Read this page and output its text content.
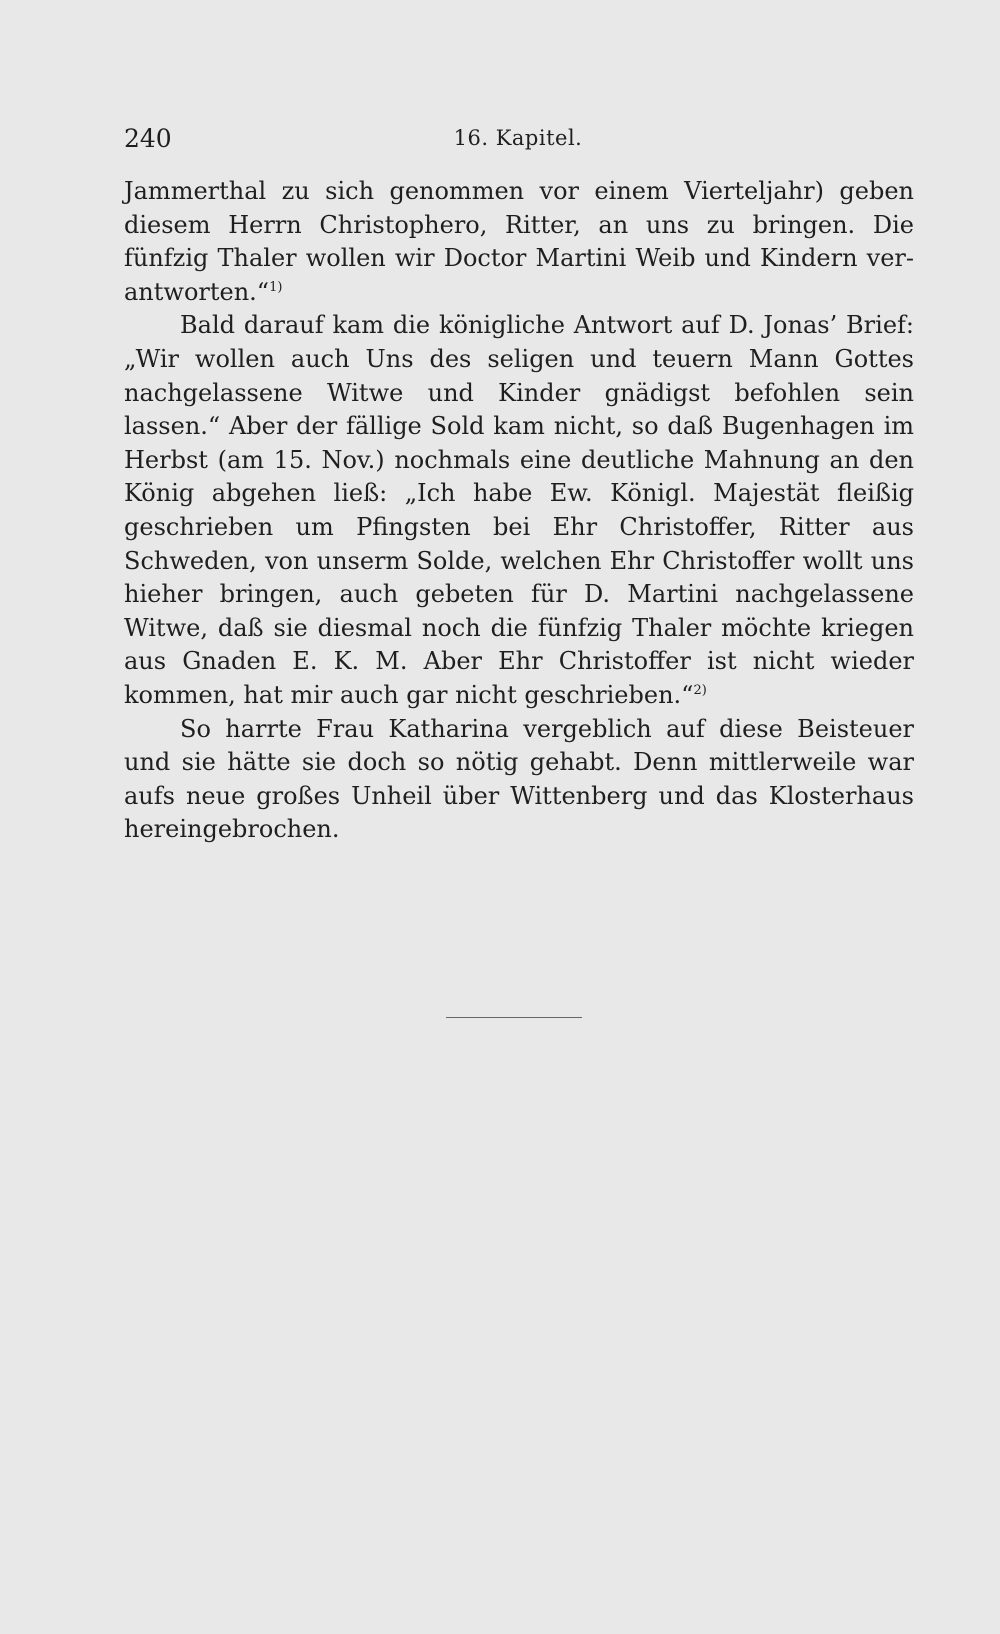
240	16. Kapitel.

Jammerthal zu sich genommen vor einem Vierteljahr) geben diesem Herrn Christophero, Ritter, an uns zu bringen. Die fünfzig Thaler wollen wir Doctor Martini Weib und Kindern ver-antworten.“$^{1)}$

Bald darauf kam die königliche Antwort auf D. Jonas’ Brief: „Wir wollen auch Uns des seligen und teuern Mann Gottes nachgelassene Witwe und Kinder gnädigst befohlen sein lassen.“ Aber der fällige Sold kam nicht, so daß Bugenhagen im Herbst (am 15. Nov.) nochmals eine deutliche Mahnung an den König abgehen ließ: „Ich habe Ew. Königl. Majestät fleißig geschrieben um Pfingsten bei Ehr Christoffer, Ritter aus Schweden, von unserm Solde, welchen Ehr Christoffer wollt uns hieher bringen, auch gebeten für D. Martini nachgelassene Witwe, daß sie diesmal noch die fünfzig Thaler möchte kriegen aus Gnaden E. K. M. Aber Ehr Christoffer ist nicht wieder kommen, hat mir auch gar nicht geschrieben.“$^{2)}$

So harrte Frau Katharina vergeblich auf diese Beisteuer und sie hätte sie doch so nötig gehabt. Denn mittlerweile war aufs neue großes Unheil über Wittenberg und das Klosterhaus hereingebrochen.
